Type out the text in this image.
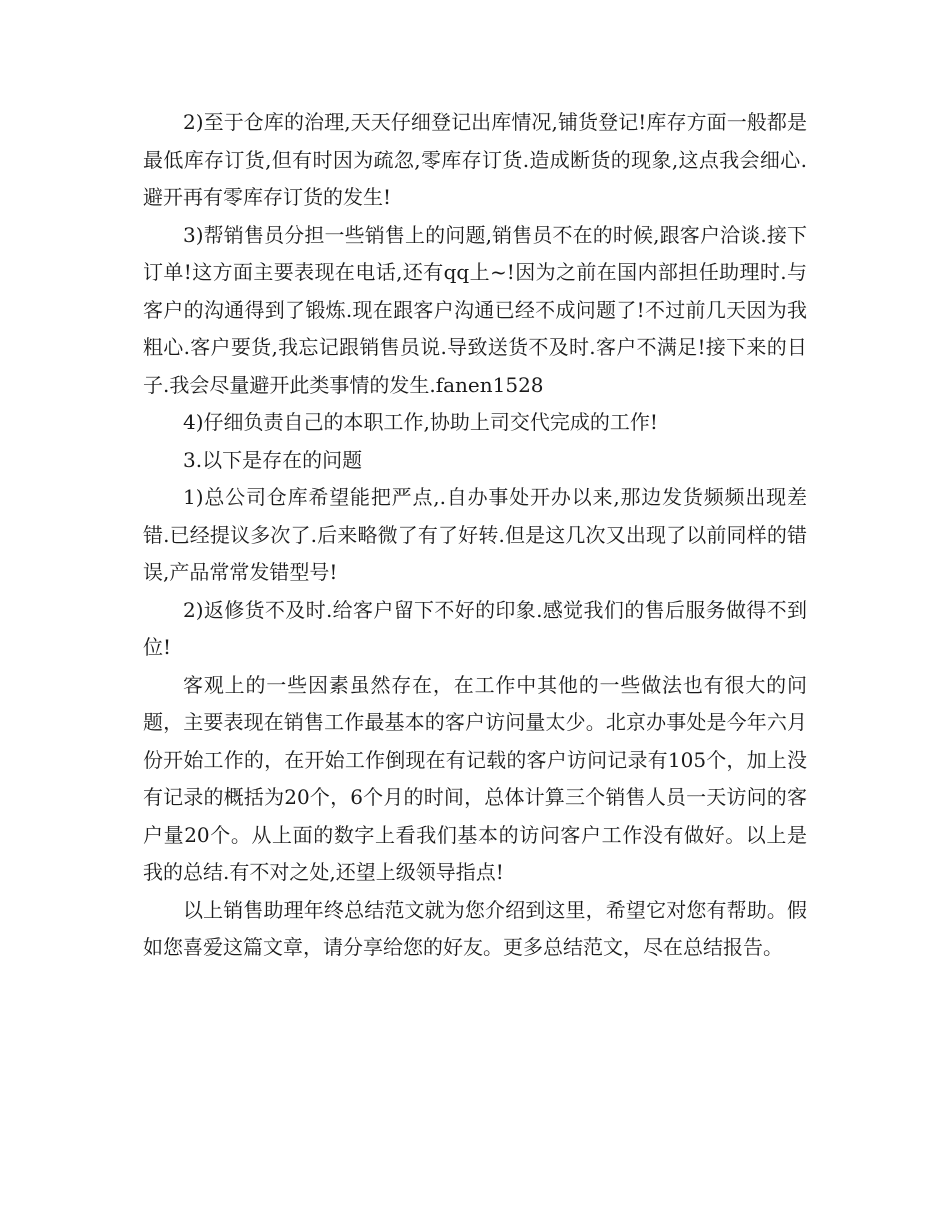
2)至于仓库的治理,天天仔细登记出库情况,铺货登记!库存方面一般都是最低库存订货,但有时因为疏忽,零库存订货.造成断货的现象,这点我会细心.避开再有零库存订货的发生!

3)帮销售员分担一些销售上的问题,销售员不在的时候,跟客户洽谈.接下订单!这方面主要表现在电话,还有qq上~!因为之前在国内部担任助理时.与客户的沟通得到了锻炼.现在跟客户沟通已经不成问题了!不过前几天因为我粗心.客户要货,我忘记跟销售员说.导致送货不及时.客户不满足!接下来的日子.我会尽量避开此类事情的发生.fanen1528

4)仔细负责自己的本职工作,协助上司交代完成的工作!

3.以下是存在的问题

1)总公司仓库希望能把严点,.自办事处开办以来,那边发货频频出现差错.已经提议多次了.后来略微了有了好转.但是这几次又出现了以前同样的错误,产品常常发错型号!

2)返修货不及时.给客户留下不好的印象.感觉我们的售后服务做得不到位!

客观上的一些因素虽然存在，在工作中其他的一些做法也有很大的问题，主要表现在销售工作最基本的客户访问量太少。北京办事处是今年六月份开始工作的，在开始工作倒现在有记载的客户访问记录有105个，加上没有记录的概括为20个，6个月的时间，总体计算三个销售人员一天访问的客户量20个。从上面的数字上看我们基本的访问客户工作没有做好。以上是我的总结.有不对之处,还望上级领导指点!

以上销售助理年终总结范文就为您介绍到这里，希望它对您有帮助。假如您喜爱这篇文章，请分享给您的好友。更多总结范文，尽在总结报告。
